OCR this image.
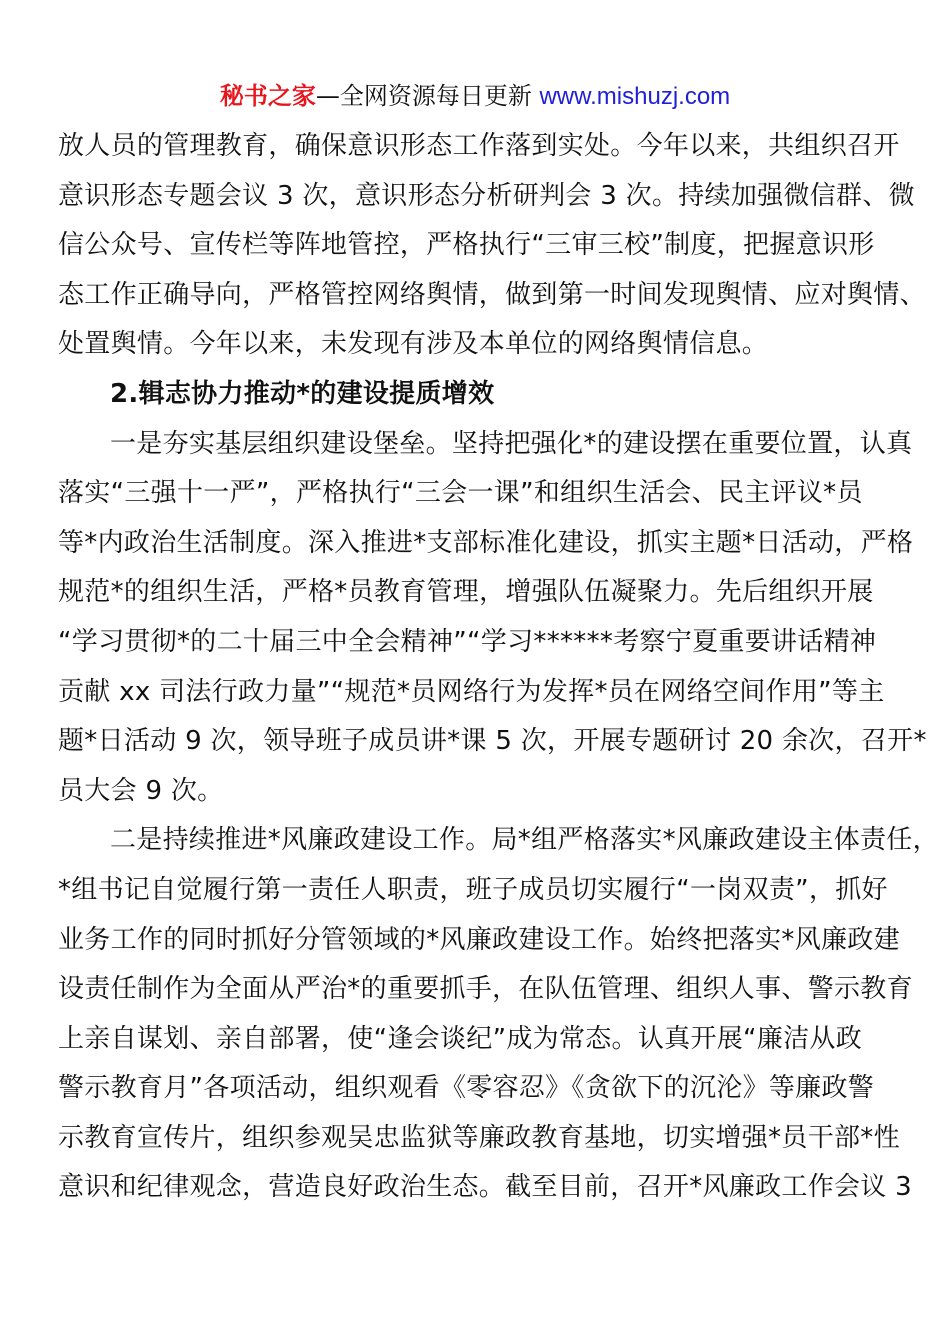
秘书之家—全网资源每日更新 www.mishuzj.com
放人员的管理教育，确保意识形态工作落到实处。今年以来，共组织召开
意识形态专题会议 3 次，意识形态分析研判会 3 次。持续加强微信群、微
信公众号、宣传栏等阵地管控，严格执行“三审三校”制度，把握意识形
态工作正确导向，严格管控网络舆情，做到第一时间发现舆情、应对舆情、
处置舆情。今年以来，未发现有涉及本单位的网络舆情信息。
2.辑志协力推动*的建设提质增效
一是夯实基层组织建设堡垒。坚持把强化*的建设摆在重要位置，认真
落实“三强十一严”，严格执行“三会一课”和组织生活会、民主评议*员
等*内政治生活制度。深入推进*支部标准化建设，抓实主题*日活动，严格
规范*的组织生活，严格*员教育管理，增强队伍凝聚力。先后组织开展
“学习贯彻*的二十届三中全会精神”“学习******考察宁夏重要讲话精神
贡献 xx 司法行政力量”“规范*员网络行为发挥*员在网络空间作用”等主
题*日活动 9 次，领导班子成员讲*课 5 次，开展专题研讨 20 余次，召开*
员大会 9 次。
二是持续推进*风廉政建设工作。局*组严格落实*风廉政建设主体责任，
*组书记自觉履行第一责任人职责，班子成员切实履行“一岗双责”，抓好
业务工作的同时抓好分管领域的*风廉政建设工作。始终把落实*风廉政建
设责任制作为全面从严治*的重要抓手，在队伍管理、组织人事、警示教育
上亲自谋划、亲自部署，使“逢会谈纪”成为常态。认真开展“廉洁从政
警示教育月”各项活动，组织观看《零容忍》《贪欲下的沉沦》等廉政警
示教育宣传片，组织参观吴忠监狱等廉政教育基地，切实增强*员干部*性
意识和纪律观念，营造良好政治生态。截至目前，召开*风廉政工作会议 3
